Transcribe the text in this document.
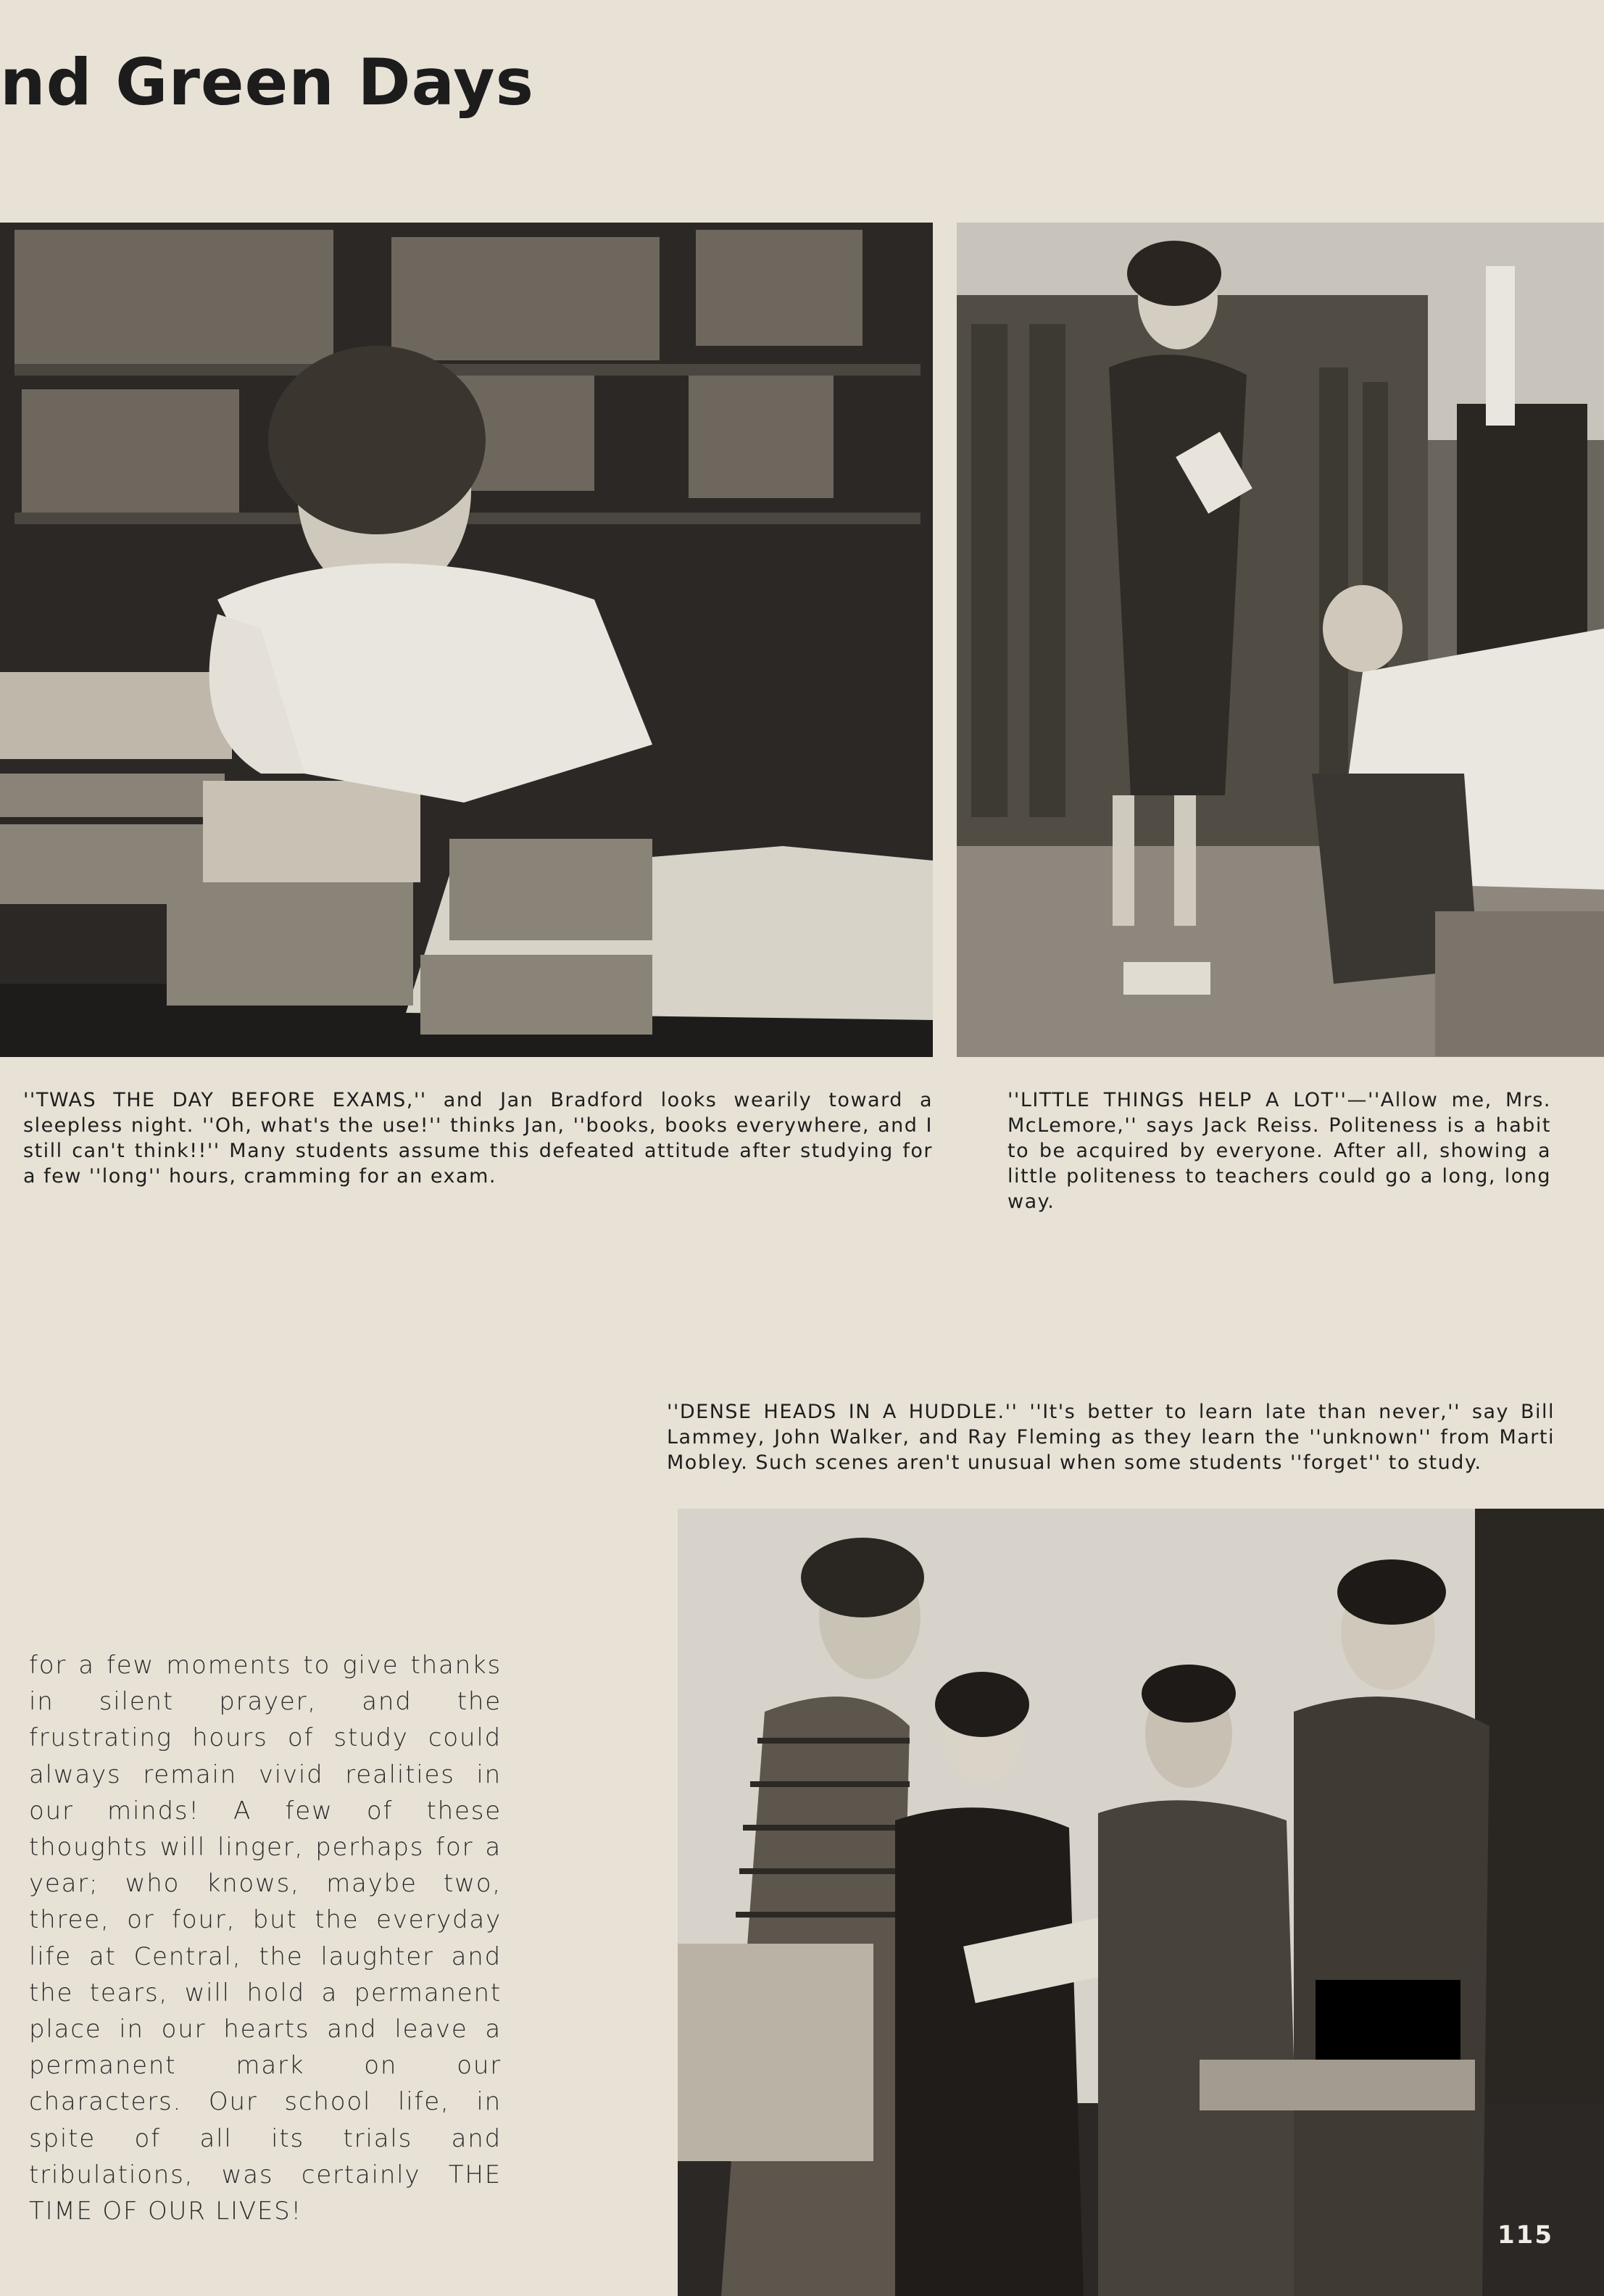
nd Green Days
''TWAS THE DAY BEFORE EXAMS,'' and Jan Bradford looks wearily toward a sleepless night. ''Oh, what's the use!'' thinks Jan, ''books, books everywhere, and I still can't think!!'' Many students assume this defeated attitude after studying for a few ''long'' hours, cramming for an exam.
''LITTLE THINGS HELP A LOT''—''Allow me, Mrs. McLemore,'' says Jack Reiss. Politeness is a habit to be acquired by everyone. After all, showing a little politeness to teachers could go a long, long way.
''DENSE HEADS IN A HUDDLE.'' ''It's better to learn late than never,'' say Bill Lammey, John Walker, and Ray Fleming as they learn the ''unknown'' from Marti Mobley. Such scenes aren't unusual when some students ''forget'' to study.
for a few moments to give thanks in silent prayer, and the frustrating hours of study could always remain vivid realities in our minds! A few of these thoughts will linger, perhaps for a year; who knows, maybe two, three, or four, but the everyday life at Central, the laughter and the tears, will hold a permanent place in our hearts and leave a permanent mark on our characters. Our school life, in spite of all its trials and tribulations, was certainly THE TIME OF OUR LIVES!
115
